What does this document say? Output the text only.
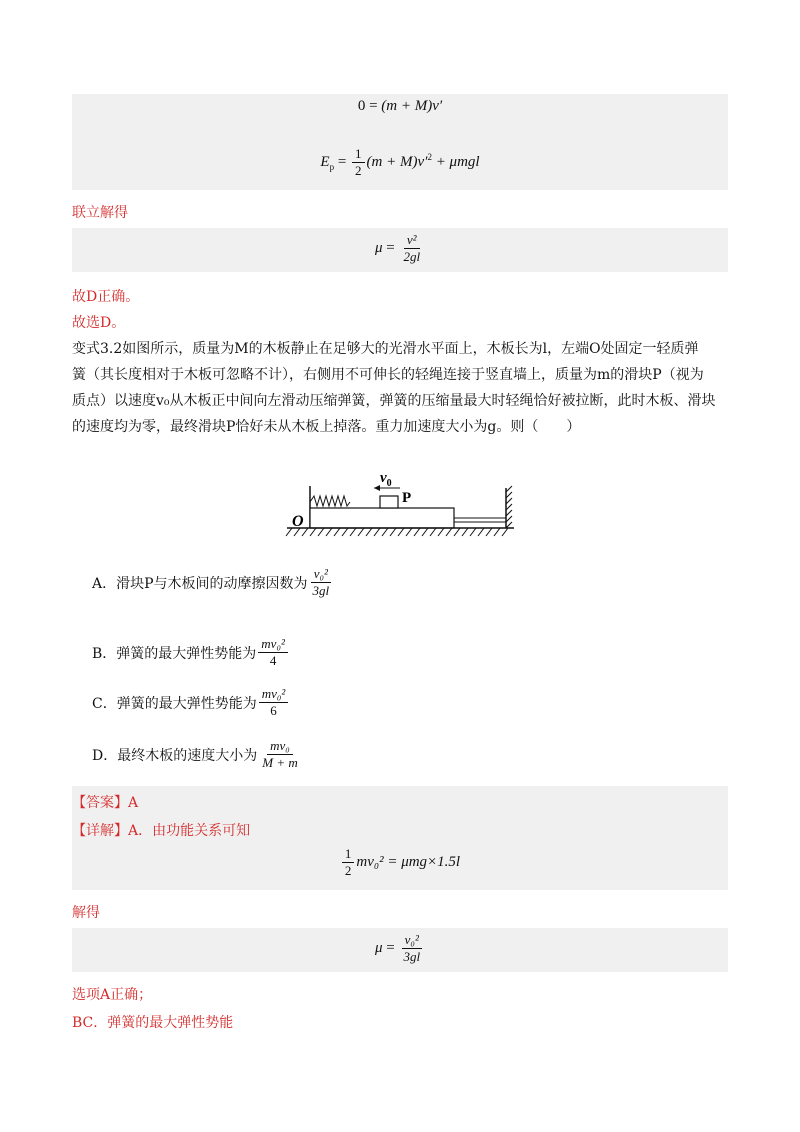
0 = (m + M)v′
$E_p = \frac{1}{2} (m + M)v'^2 + \mu mgl$
联立解得
$\mu = \frac{\text{v²}}{2gl}$
故D正确。
故选D。
变式3.2如图所示，质量为M的木板静止在足够大的光滑水平面上，木板长为l，左端O处固定一轻质弹
簧（其长度相对于木板可忽略不计），右侧用不可伸长的轻绳连接于竖直墙上，质量为m的滑块P（视为
质点）以速度v₀从木板正中间向左滑动压缩弹簧，弹簧的压缩量最大时轻绳恰好被拉断，此时木板、滑块
的速度均为零，最终滑块P恰好未从木板上掉落。重力加速度大小为g。则（　　）
$v_0$
P
O
A．滑块P与木板间的动摩擦因数为 $\frac{\text{v₀²}}{3gl}$
B．弹簧的最大弹性势能为 $\frac{\text{mv₀²}}{4}$
C．弹簧的最大弹性势能为 $\frac{\text{mv₀²}}{6}$
D．最终木板的速度大小为 $\frac{\text{mv₀}}{M + m}$
【答案】A
【详解】A．由功能关系可知
$\frac{1}{2} mv_0^2 = \mu mg\times 1.5l$
解得
$\mu = \frac{\text{v₀²}}{3gl}$
选项A正确；
BC．弹簧的最大弹性势能
